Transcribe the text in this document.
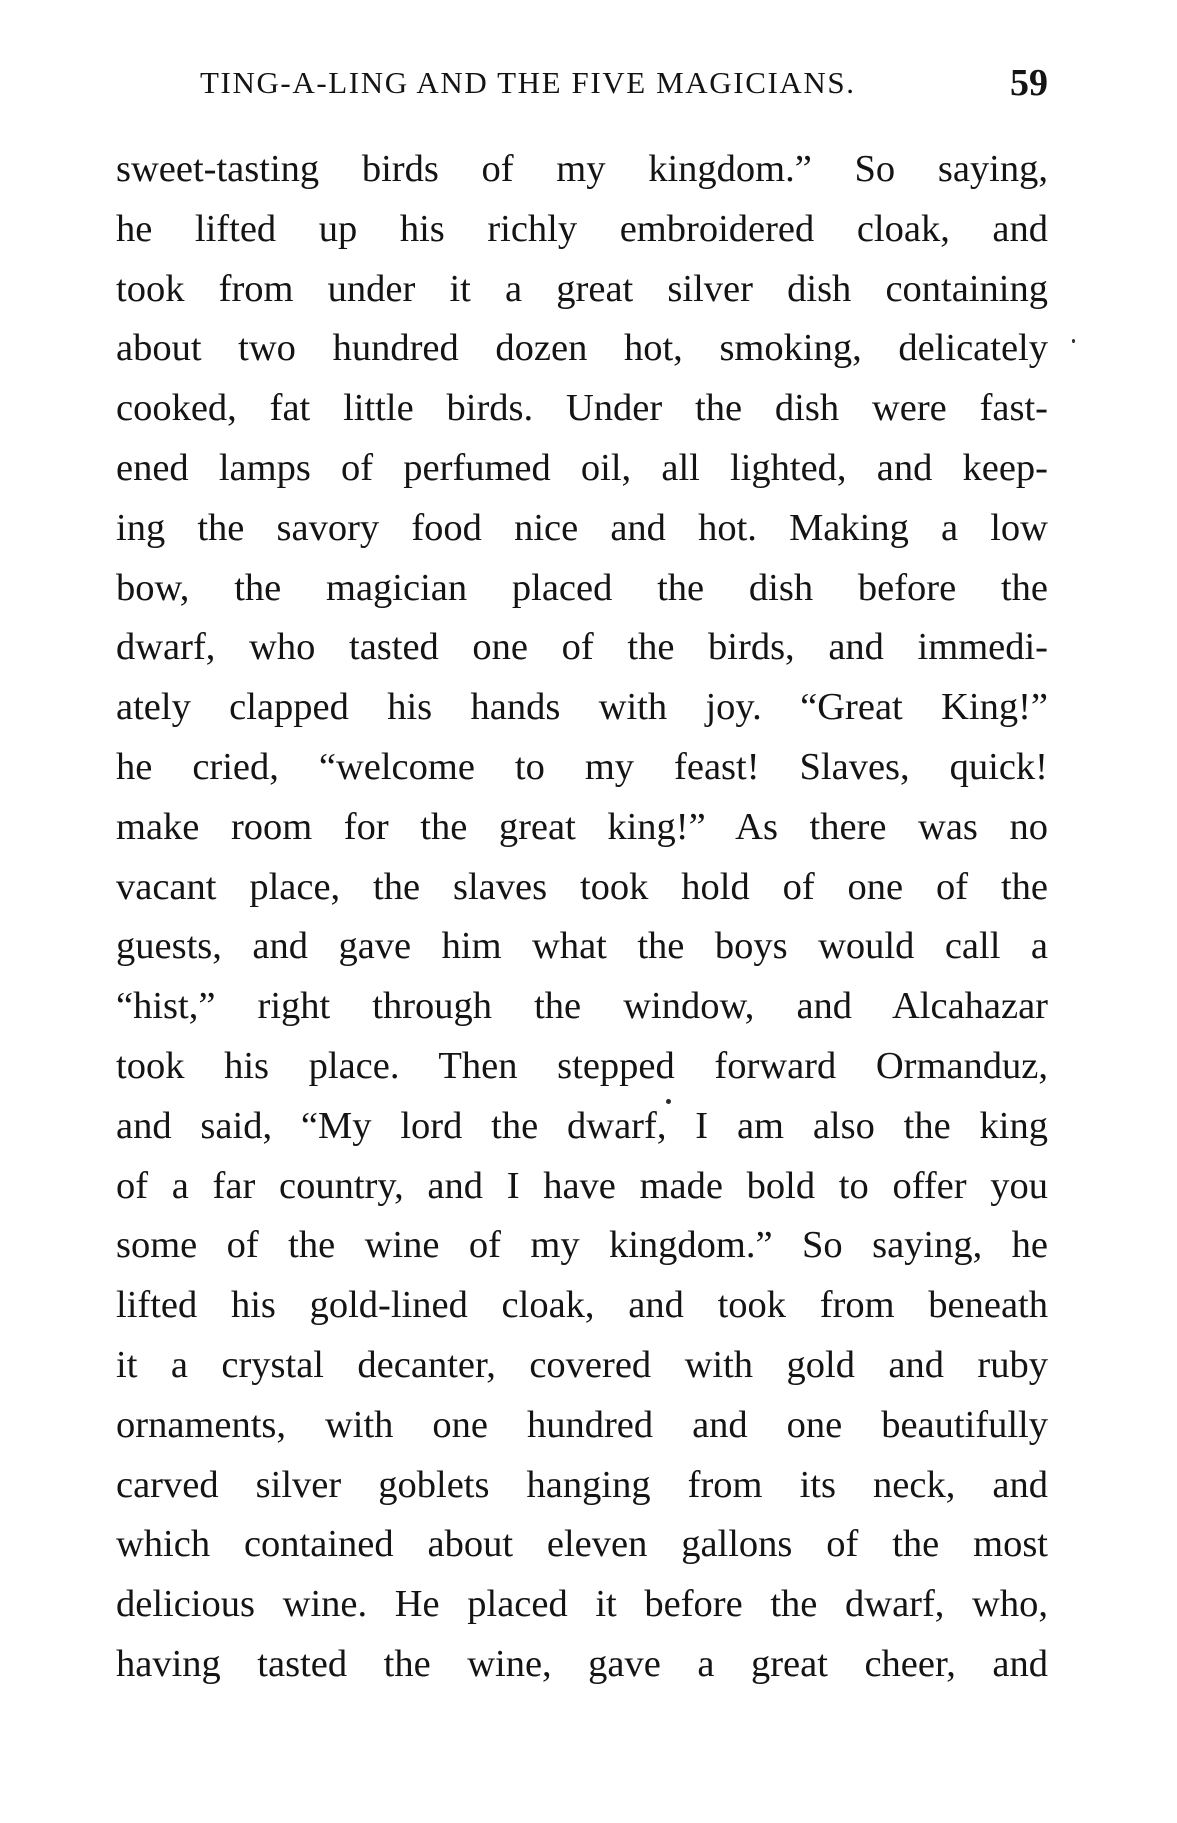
TING-A-LING AND THE FIVE MAGICIANS.	59
sweet-tasting birds of my kingdom.” So saying,
he lifted up his richly embroidered cloak, and
took from under it a great silver dish containing
about two hundred dozen hot, smoking, delicately
cooked, fat little birds. Under the dish were fast-
ened lamps of perfumed oil, all lighted, and keep-
ing the savory food nice and hot. Making a low
bow, the magician placed the dish before the
dwarf, who tasted one of the birds, and immedi-
ately clapped his hands with joy. “Great King!”
he cried, “welcome to my feast! Slaves, quick!
make room for the great king!” As there was no
vacant place, the slaves took hold of one of the
guests, and gave him what the boys would call a
“hist,” right through the window, and Alcahazar
took his place. Then stepped forward Ormanduz,
and said, “My lord the dwarf, I am also the king
of a far country, and I have made bold to offer you
some of the wine of my kingdom.” So saying, he
lifted his gold-lined cloak, and took from beneath
it a crystal decanter, covered with gold and ruby
ornaments, with one hundred and one beautifully
carved silver goblets hanging from its neck, and
which contained about eleven gallons of the most
delicious wine. He placed it before the dwarf, who,
having tasted the wine, gave a great cheer, and
